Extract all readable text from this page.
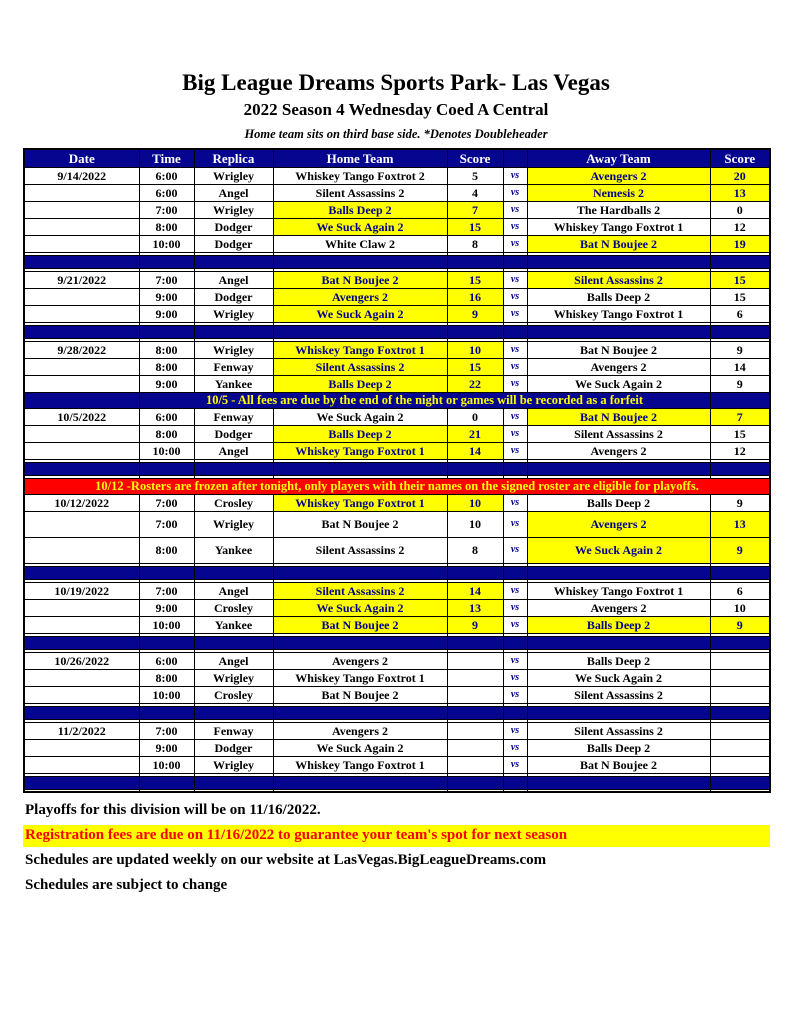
Big League Dreams Sports Park- Las Vegas
2022 Season 4 Wednesday Coed A Central
Home team sits on third base side. *Denotes Doubleheader
Date	Time	Replica	Home Team	Score		Away Team	Score
9/14/2022	6:00	Wrigley	Whiskey Tango Foxtrot 2	5	vs	Avengers 2	20
	6:00	Angel	Silent Assassins 2	4	vs	Nemesis 2	13
	7:00	Wrigley	Balls Deep 2	7	vs	The Hardballs 2	0
	8:00	Dodger	We Suck Again 2	15	vs	Whiskey Tango Foxtrot 1	12
	10:00	Dodger	White Claw 2	8	vs	Bat N Boujee 2	19

9/21/2022	7:00	Angel	Bat N Boujee 2	15	vs	Silent Assassins 2	15
	9:00	Dodger	Avengers 2	16	vs	Balls Deep 2	15
	9:00	Wrigley	We Suck Again 2	9	vs	Whiskey Tango Foxtrot 1	6

9/28/2022	8:00	Wrigley	Whiskey Tango Foxtrot 1	10	vs	Bat N Boujee 2	9
	8:00	Fenway	Silent Assassins 2	15	vs	Avengers 2	14
	9:00	Yankee	Balls Deep 2	22	vs	We Suck Again 2	9
	10/5 - All fees are due by the end of the night or games will be recorded as a forfeit						
10/5/2022	6:00	Fenway	We Suck Again 2	0	vs	Bat N Boujee 2	7
	8:00	Dodger	Balls Deep 2	21	vs	Silent Assassins 2	15
	10:00	Angel	Whiskey Tango Foxtrot 1	14	vs	Avengers 2	12

10/12 -Rosters are frozen after tonight, only players with their names on the signed roster are eligible for playoffs.							
10/12/2022	7:00	Crosley	Whiskey Tango Foxtrot 1	10	vs	Balls Deep 2	9
	7:00	Wrigley	Bat N Boujee 2	10	vs	Avengers 2	13
	8:00	Yankee	Silent Assassins 2	8	vs	We Suck Again 2	9

10/19/2022	7:00	Angel	Silent Assassins 2	14	vs	Whiskey Tango Foxtrot 1	6
	9:00	Crosley	We Suck Again 2	13	vs	Avengers 2	10
	10:00	Yankee	Bat N Boujee 2	9	vs	Balls Deep 2	9

10/26/2022	6:00	Angel	Avengers 2		vs	Balls Deep 2	
	8:00	Wrigley	Whiskey Tango Foxtrot 1		vs	We Suck Again 2	
	10:00	Crosley	Bat N Boujee 2		vs	Silent Assassins 2	

11/2/2022	7:00	Fenway	Avengers 2		vs	Silent Assassins 2	
	9:00	Dodger	We Suck Again 2		vs	Balls Deep 2	
	10:00	Wrigley	Whiskey Tango Foxtrot 1		vs	Bat N Boujee 2	

Playoffs for this division will be on 11/16/2022.
Registration fees are due on 11/16/2022 to guarantee your team's spot for next season
Schedules are updated weekly on our website at LasVegas.BigLeagueDreams.com
Schedules are subject to change
